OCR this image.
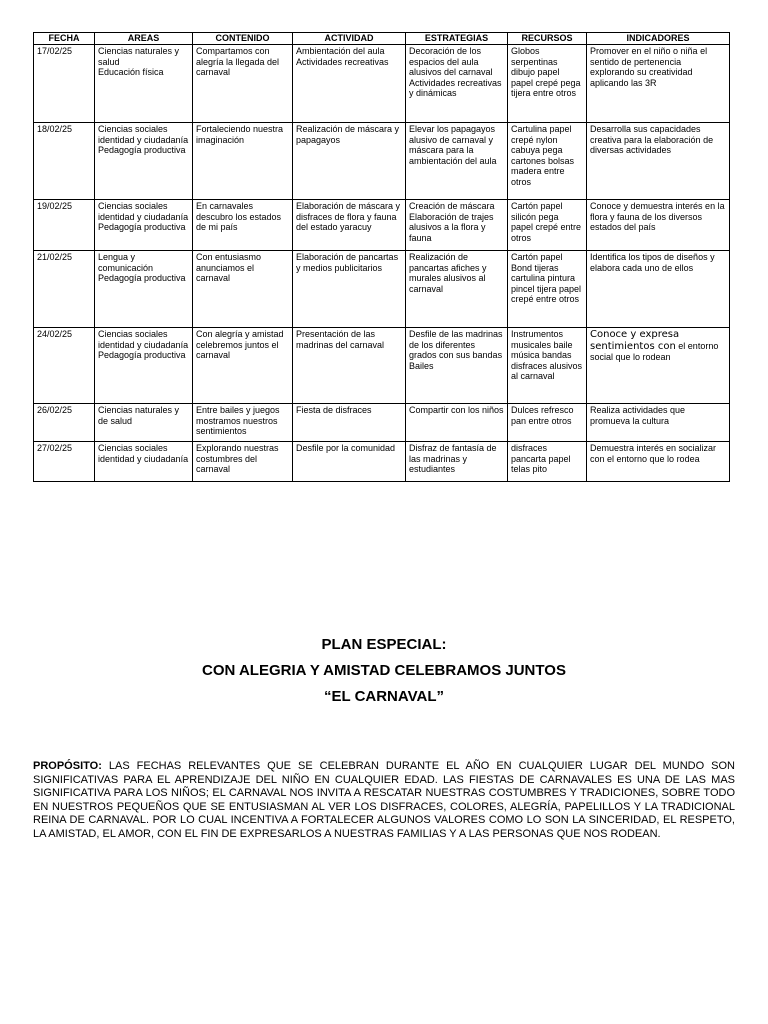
FECHA	AREAS	CONTENIDO	ACTIVIDAD	ESTRATEGIAS	RECURSOS	INDICADORES
17/02/25	Ciencias naturales y salud
Educación física	Compartamos con alegría la llegada del carnaval	Ambientación del aula
Actividades recreativas	Decoración de los espacios del aula alusivos del carnaval
Actividades recreativas y dinámicas	Globos serpentinas dibujo papel papel crepé pega tijera entre otros	Promover en el niño o niña el sentido de pertenencia explorando su creatividad aplicando las 3R
18/02/25	Ciencias sociales identidad y ciudadanía
Pedagogía productiva	Fortaleciendo nuestra imaginación	Realización de máscara y papagayos	Elevar los papagayos alusivo de carnaval y máscara para la ambientación del aula	Cartulina papel crepé nylon cabuya pega cartones bolsas madera entre otros	Desarrolla sus capacidades creativa para la elaboración de diversas actividades
19/02/25	Ciencias sociales identidad y ciudadanía
Pedagogía productiva	En carnavales descubro los estados de mi país	Elaboración de máscara y disfraces de flora y fauna del estado yaracuy	Creación de máscara
Elaboración de trajes alusivos a la flora y fauna	Cartón papel silicón pega papel crepé entre otros	Conoce y demuestra interés en la flora y fauna de los diversos estados del país
21/02/25	Lengua y comunicación
Pedagogía productiva	Con entusiasmo anunciamos el carnaval	Elaboración de pancartas y medios publicitarios	Realización de pancartas afiches y murales alusivos al carnaval	Cartón papel Bond tijeras cartulina pintura pincel tijera papel crepé entre otros	Identifica los tipos de diseños y elabora cada uno de ellos
24/02/25	Ciencias sociales identidad y ciudadanía
Pedagogía productiva	Con alegría y amistad celebremos juntos el carnaval	Presentación de las madrinas del carnaval	Desfile de las madrinas de los diferentes grados con sus bandas
Bailes	Instrumentos musicales baile música bandas disfraces alusivos al carnaval	Conoce y expresa sentimientos con el entorno social que lo rodean
26/02/25	Ciencias naturales y de salud	Entre bailes y juegos mostramos nuestros sentimientos	Fiesta de disfraces	Compartir con los niños	Dulces refresco pan entre otros	Realiza actividades que promueva la cultura
27/02/25	Ciencias sociales identidad y ciudadanía	Explorando nuestras costumbres del carnaval	Desfile por la comunidad	Disfraz de fantasía de las madrinas y estudiantes	disfraces pancarta papel telas pito	Demuestra interés en socializar con el entorno que lo rodea
PLAN ESPECIAL:
CON ALEGRIA Y AMISTAD CELEBRAMOS JUNTOS
“EL CARNAVAL”
PROPÓSITO: LAS FECHAS RELEVANTES QUE SE CELEBRAN DURANTE EL AÑO EN CUALQUIER LUGAR DEL MUNDO SON SIGNIFICATIVAS PARA EL APRENDIZAJE DEL NIÑO EN CUALQUIER EDAD. LAS FIESTAS DE CARNAVALES ES UNA DE LAS MAS SIGNIFICATIVA PARA LOS NIÑOS; EL CARNAVAL NOS INVITA A RESCATAR NUESTRAS COSTUMBRES Y TRADICIONES, SOBRE TODO EN NUESTROS PEQUEÑOS QUE SE ENTUSIASMAN AL VER LOS DISFRACES, COLORES, ALEGRÍA, PAPELILLOS Y LA TRADICIONAL REINA DE CARNAVAL. POR LO CUAL INCENTIVA A FORTALECER ALGUNOS VALORES COMO LO SON LA SINCERIDAD, EL RESPETO, LA AMISTAD, EL AMOR, CON EL FIN DE EXPRESARLOS A NUESTRAS FAMILIAS Y A LAS PERSONAS QUE NOS RODEAN.
